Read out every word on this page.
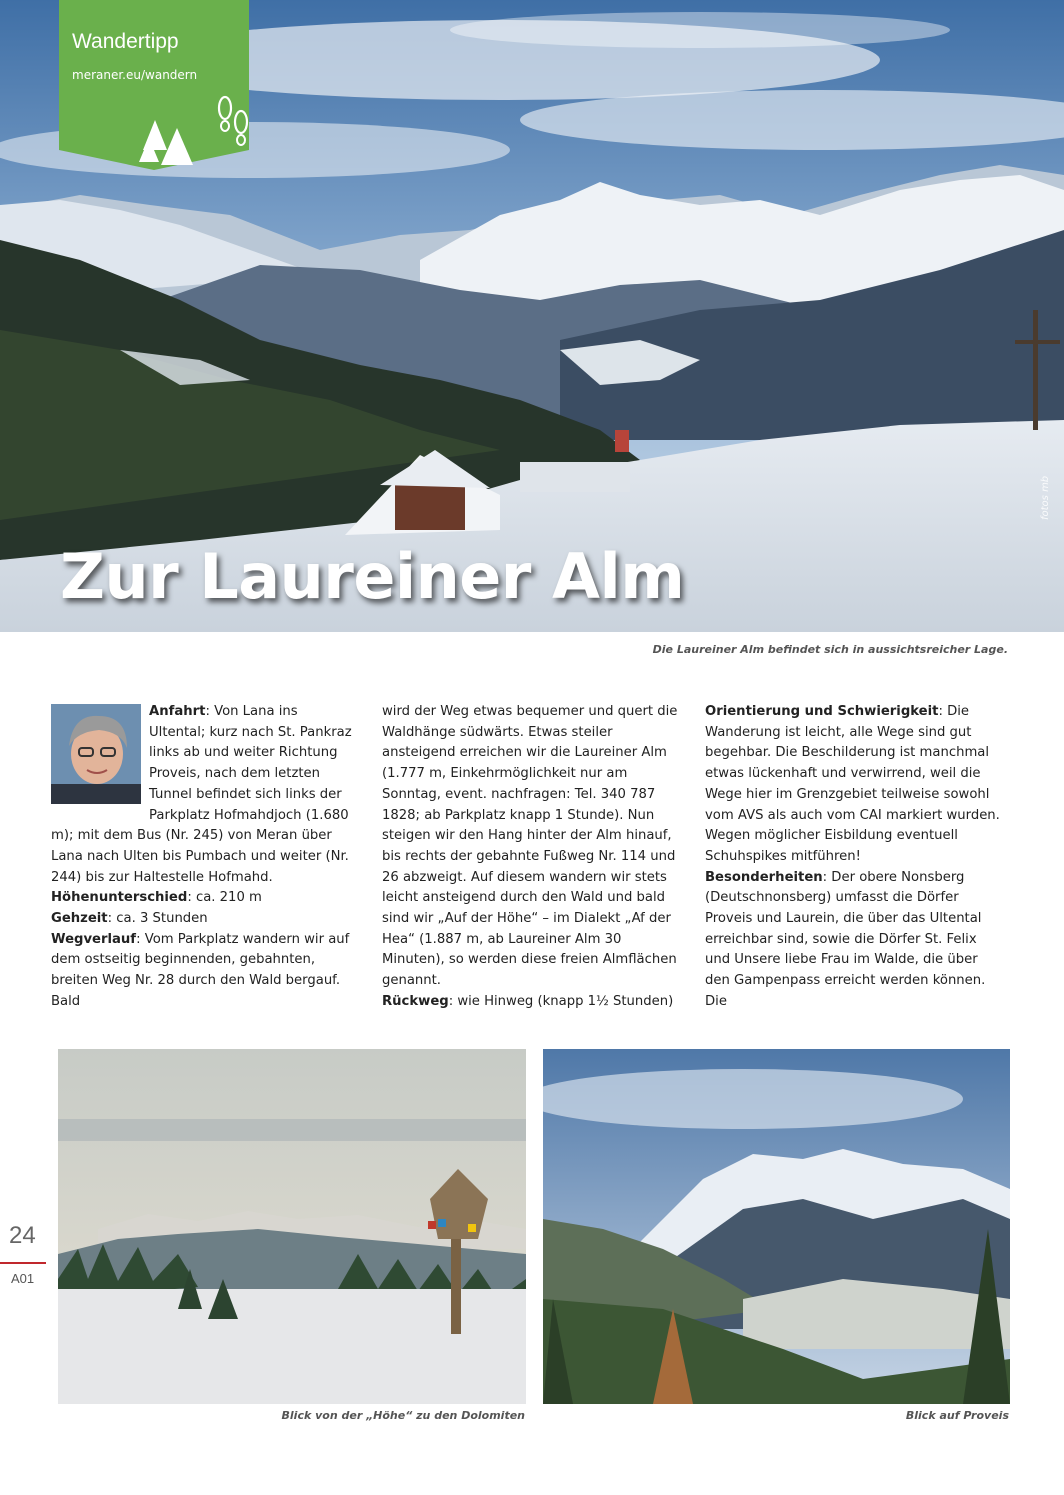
Wandertipp
meraner.eu/wandern
Zur Laureiner Alm
fotos mb
Die Laureiner Alm befindet sich in aussichtsreicher Lage.

Anfahrt: Von Lana ins Ultental; kurz nach St. Pankraz links ab und weiter Richtung Proveis, nach dem letzten Tunnel befindet sich links der Parkplatz Hofmahdjoch (1.680 m); mit dem Bus (Nr. 245) von Meran über Lana nach Ulten bis Pumbach und weiter (Nr. 244) bis zur Haltestelle Hofmahd.

Höhenunterschied: ca. 210 m

Gehzeit: ca. 3 Stunden

Wegverlauf: Vom Parkplatz wandern wir auf dem ostseitig beginnenden, gebahnten, breiten Weg Nr. 28 durch den Wald bergauf. Bald

wird der Weg etwas bequemer und quert die Waldhänge südwärts. Etwas steiler ansteigend erreichen wir die Laureiner Alm (1.777 m, Einkehrmöglichkeit nur am Sonntag, event. nachfragen: Tel. 340 787 1828; ab Parkplatz knapp 1 Stunde). Nun steigen wir den Hang hinter der Alm hinauf, bis rechts der gebahnte Fußweg Nr. 114 und 26 abzweigt. Auf diesem wandern wir stets leicht ansteigend durch den Wald und bald sind wir „Auf der Höhe“ – im Dialekt „Af der Hea“ (1.887 m, ab Laureiner Alm 30 Minuten), so werden diese freien Almflächen genannt.

Rückweg: wie Hinweg (knapp 1½ Stunden)

Orientierung und Schwierigkeit: Die Wanderung ist leicht, alle Wege sind gut begehbar. Die Beschilderung ist manchmal etwas lückenhaft und verwirrend, weil die Wege hier im Grenzgebiet teilweise sowohl vom AVS als auch vom CAI markiert wurden. Wegen möglicher Eisbildung eventuell Schuhspikes mitführen!

Besonderheiten: Der obere Nonsberg (Deutschnonsberg) umfasst die Dörfer Proveis und Laurein, die über das Ultental erreichbar sind, sowie die Dörfer St. Felix und Unsere liebe Frau im Walde, die über den Gampenpass erreicht werden können. Die

Blick von der „Höhe“ zu den Dolomiten	Blick auf Proveis
24
A01
